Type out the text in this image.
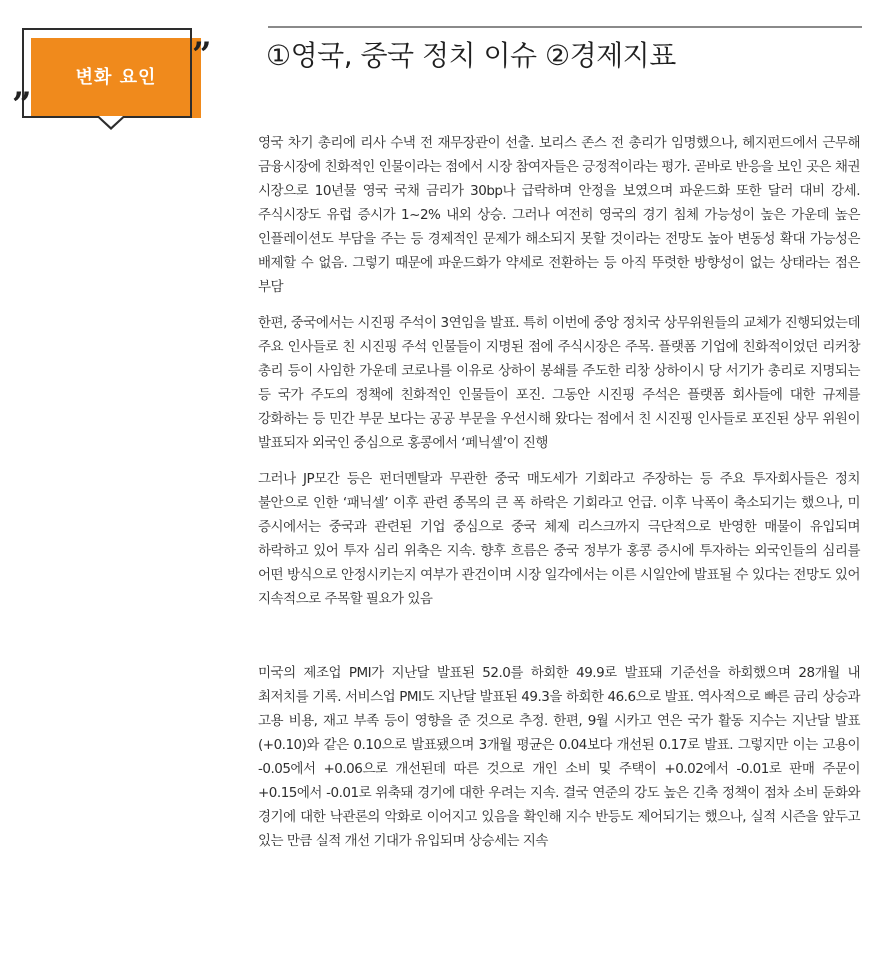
변화 요인
”
”
①영국, 중국 정치 이슈 ②경제지표

영국 차기 총리에 리사 수낵 전 재무장관이 선출. 보리스 존스 전 총리가 임명했으나, 헤지펀드에서 근무해 금융시장에 친화적인 인물이라는 점에서 시장 참여자들은 긍정적이라는 평가. 곧바로 반응을 보인 곳은 채권 시장으로 10년물 영국 국채 금리가 30bp나 급락하며 안정을 보였으며 파운드화 또한 달러 대비 강세. 주식시장도 유럽 증시가 1~2% 내외 상승. 그러나 여전히 영국의 경기 침체 가능성이 높은 가운데 높은 인플레이션도 부담을 주는 등 경제적인 문제가 해소되지 못할 것이라는 전망도 높아 변동성 확대 가능성은 배제할 수 없음. 그렇기 때문에 파운드화가 약세로 전환하는 등 아직 뚜렷한 방향성이 없는 상태라는 점은 부담

한편, 중국에서는 시진핑 주석이 3연임을 발표. 특히 이번에 중앙 정치국 상무위원들의 교체가 진행되었는데 주요 인사들로 친 시진핑 주석 인물들이 지명된 점에 주식시장은 주목. 플랫폼 기업에 친화적이었던 리커창 총리 등이 사임한 가운데 코로나를 이유로 상하이 봉쇄를 주도한 리창 상하이시 당 서기가 총리로 지명되는 등 국가 주도의 정책에 친화적인 인물들이 포진. 그동안 시진핑 주석은 플랫폼 회사들에 대한 규제를 강화하는 등 민간 부문 보다는 공공 부문을 우선시해 왔다는 점에서 친 시진핑 인사들로 포진된 상무 위원이 발표되자 외국인 중심으로 홍콩에서 ‘페닉셀’이 진행

그러나 JP모간 등은 펀더멘탈과 무관한 중국 매도세가 기회라고 주장하는 등 주요 투자회사들은 정치 불안으로 인한 ‘패닉셀’ 이후 관련 종목의 큰 폭 하락은 기회라고 언급. 이후 낙폭이 축소되기는 했으나, 미 증시에서는 중국과 관련된 기업 중심으로 중국 체제 리스크까지 극단적으로 반영한 매물이 유입되며 하락하고 있어 투자 심리 위축은 지속. 향후 흐름은 중국 정부가 홍콩 증시에 투자하는 외국인들의 심리를 어떤 방식으로 안정시키는지 여부가 관건이며 시장 일각에서는 이른 시일안에 발표될 수 있다는 전망도 있어 지속적으로 주목할 필요가 있음

미국의 제조업 PMI가 지난달 발표된 52.0를 하회한 49.9로 발표돼 기준선을 하회했으며 28개월 내 최저치를 기록. 서비스업 PMI도 지난달 발표된 49.3을 하회한 46.6으로 발표. 역사적으로 빠른 금리 상승과 고용 비용, 재고 부족 등이 영향을 준 것으로 추정. 한편, 9월 시카고 연은 국가 활동 지수는 지난달 발표(+0.10)와 같은 0.10으로 발표됐으며 3개월 평균은 0.04보다 개선된 0.17로 발표. 그렇지만 이는 고용이 -0.05에서 +0.06으로 개선된데 따른 것으로 개인 소비 및 주택이 +0.02에서 -0.01로 판매 주문이 +0.15에서 -0.01로 위축돼 경기에 대한 우려는 지속. 결국 연준의 강도 높은 긴축 정책이 점차 소비 둔화와 경기에 대한 낙관론의 악화로 이어지고 있음을 확인해 지수 반등도 제어되기는 했으나, 실적 시즌을 앞두고 있는 만큼 실적 개선 기대가 유입되며 상승세는 지속
